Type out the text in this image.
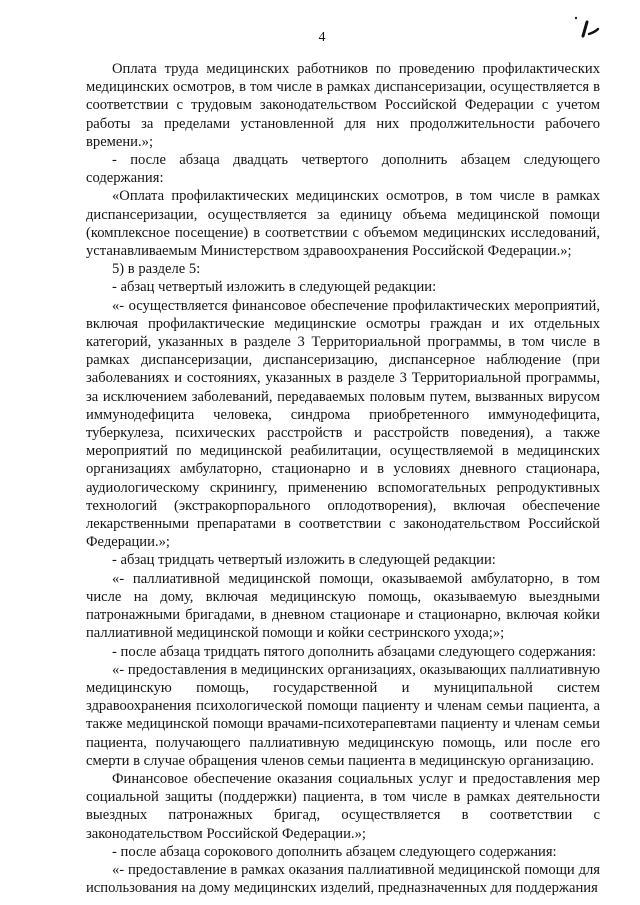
4

Оплата труда медицинских работников по проведению профилактических медицинских осмотров, в том числе в рамках диспансеризации, осуществляется в соответствии с трудовым законодательством Российской Федерации с учетом работы за пределами установленной для них продолжительности рабочего времени.»;

- после абзаца двадцать четвертого дополнить абзацем следующего содержания:

«Оплата профилактических медицинских осмотров, в том числе в рамках диспансеризации, осуществляется за единицу объема медицинской помощи (комплексное посещение) в соответствии с объемом медицинских исследований, устанавливаемым Министерством здравоохранения Российской Федерации.»;

5) в разделе 5:

- абзац четвертый изложить в следующей редакции:

«- осуществляется финансовое обеспечение профилактических мероприятий, включая профилактические медицинские осмотры граждан и их отдельных категорий, указанных в разделе 3 Территориальной программы, в том числе в рамках диспансеризации, диспансеризацию, диспансерное наблюдение (при заболеваниях и состояниях, указанных в разделе 3 Территориальной программы, за исключением заболеваний, передаваемых половым путем, вызванных вирусом иммунодефицита человека, синдрома приобретенного иммунодефицита, туберкулеза, психических расстройств и расстройств поведения), а также мероприятий по медицинской реабилитации, осуществляемой в медицинских организациях амбулаторно, стационарно и в условиях дневного стационара, аудиологическому скринингу, применению вспомогательных репродуктивных технологий (экстракорпорального оплодотворения), включая обеспечение лекарственными препаратами в соответствии с законодательством Российской Федерации.»;

- абзац тридцать четвертый изложить в следующей редакции:

«- паллиативной медицинской помощи, оказываемой амбулаторно, в том числе на дому, включая медицинскую помощь, оказываемую выездными патронажными бригадами, в дневном стационаре и стационарно, включая койки паллиативной медицинской помощи и койки сестринского ухода;»;

- после абзаца тридцать пятого дополнить абзацами следующего содержания:

«- предоставления в медицинских организациях, оказывающих паллиативную медицинскую помощь, государственной и муниципальной систем здравоохранения психологической помощи пациенту и членам семьи пациента, а также медицинской помощи врачами-психотерапевтами пациенту и членам семьи пациента, получающего паллиативную медицинскую помощь, или после его смерти в случае обращения членов семьи пациента в медицинскую организацию.

Финансовое обеспечение оказания социальных услуг и предоставления мер социальной защиты (поддержки) пациента, в том числе в рамках деятельности выездных патронажных бригад, осуществляется в соответствии с законодательством Российской Федерации.»;

- после абзаца сорокового дополнить абзацем следующего содержания:

«- предоставление в рамках оказания паллиативной медицинской помощи для использования на дому медицинских изделий, предназначенных для поддержания
